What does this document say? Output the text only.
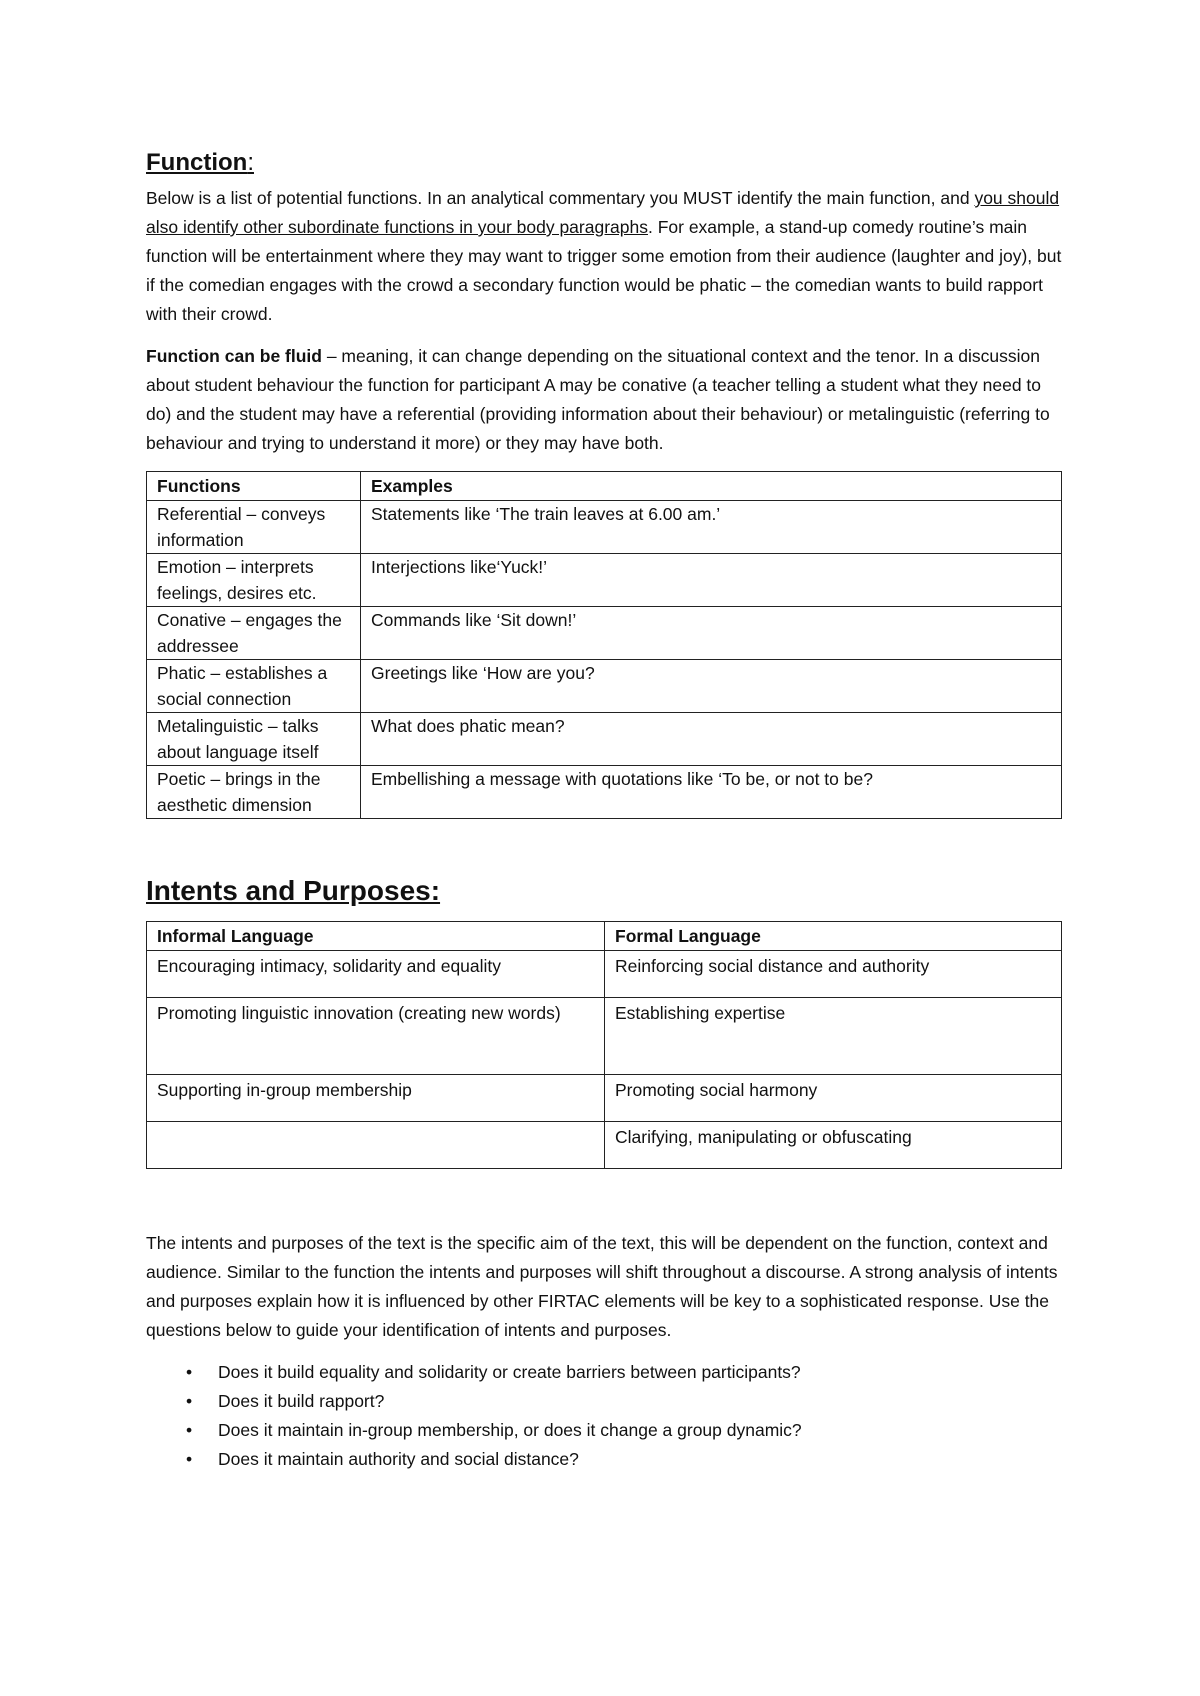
Function:

Below is a list of potential functions. In an analytical commentary you MUST identify the main function, and you should also identify other subordinate functions in your body paragraphs. For example, a stand-up comedy routine’s main function will be entertainment where they may want to trigger some emotion from their audience (laughter and joy), but if the comedian engages with the crowd a secondary function would be phatic – the comedian wants to build rapport with their crowd.

Function can be fluid – meaning, it can change depending on the situational context and the tenor. In a discussion about student behaviour the function for participant A may be conative (a teacher telling a student what they need to do) and the student may have a referential (providing information about their behaviour) or metalinguistic (referring to behaviour and trying to understand it more) or they may have both.

Functions	Examples
Referential – conveys information	Statements like ‘The train leaves at 6.00 am.’
Emotion – interprets feelings, desires etc.	Interjections like‘Yuck!’
Conative – engages the addressee	Commands like ‘Sit down!’
Phatic – establishes a social connection	Greetings like ‘How are you?
Metalinguistic – talks about language itself	What does phatic mean?
Poetic – brings in the aesthetic dimension	Embellishing a message with quotations like ‘To be, or not to be?
Intents and Purposes:
Informal Language	Formal Language
Encouraging intimacy, solidarity and equality	Reinforcing social distance and authority
Promoting linguistic innovation (creating new words)	Establishing expertise
Supporting in-group membership	Promoting social harmony
	Clarifying, manipulating or obfuscating

The intents and purposes of the text is the specific aim of the text, this will be dependent on the function, context and audience. Similar to the function the intents and purposes will shift throughout a discourse. A strong analysis of intents and purposes explain how it is influenced by other FIRTAC elements will be key to a sophisticated response. Use the questions below to guide your identification of intents and purposes.

• Does it build equality and solidarity or create barriers between participants?
• Does it build rapport?
• Does it maintain in-group membership, or does it change a group dynamic?
• Does it maintain authority and social distance?
